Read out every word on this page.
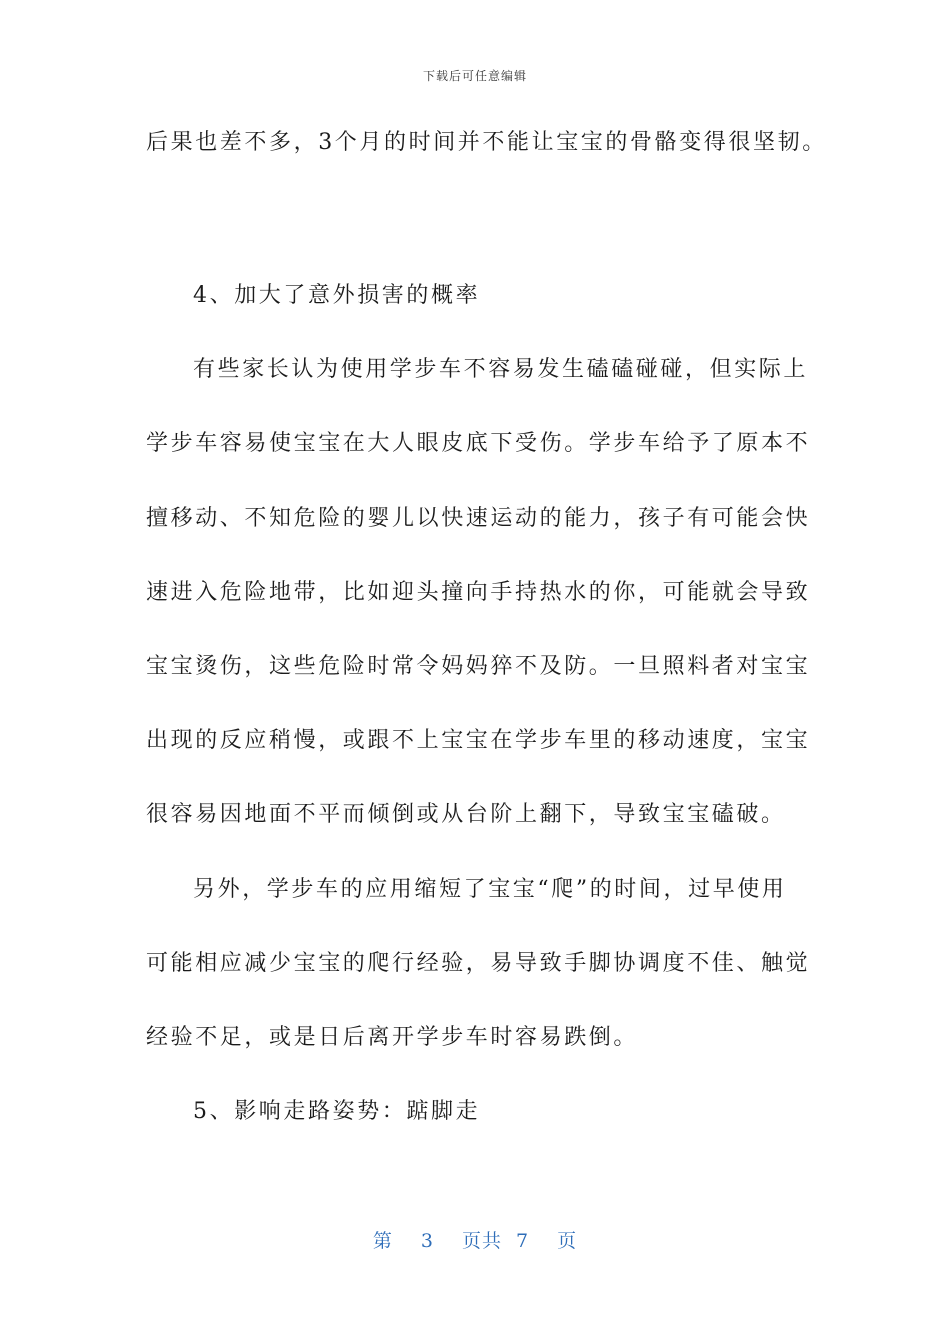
下载后可任意编辑
后果也差不多，3个月的时间并不能让宝宝的骨骼变得很坚韧。
4、加大了意外损害的概率
有些家长认为使用学步车不容易发生磕磕碰碰，但实际上
学步车容易使宝宝在大人眼皮底下受伤。学步车给予了原本不
擅移动、不知危险的婴儿以快速运动的能力，孩子有可能会快
速进入危险地带，比如迎头撞向手持热水的你，可能就会导致
宝宝烫伤，这些危险时常令妈妈猝不及防。一旦照料者对宝宝
出现的反应稍慢，或跟不上宝宝在学步车里的移动速度，宝宝
很容易因地面不平而倾倒或从台阶上翻下，导致宝宝磕破。
另外，学步车的应用缩短了宝宝“爬”的时间，过早使用
可能相应减少宝宝的爬行经验，易导致手脚协调度不佳、触觉
经验不足，或是日后离开学步车时容易跌倒。
5、影响走路姿势：踮脚走
第 3 页共 7 页
